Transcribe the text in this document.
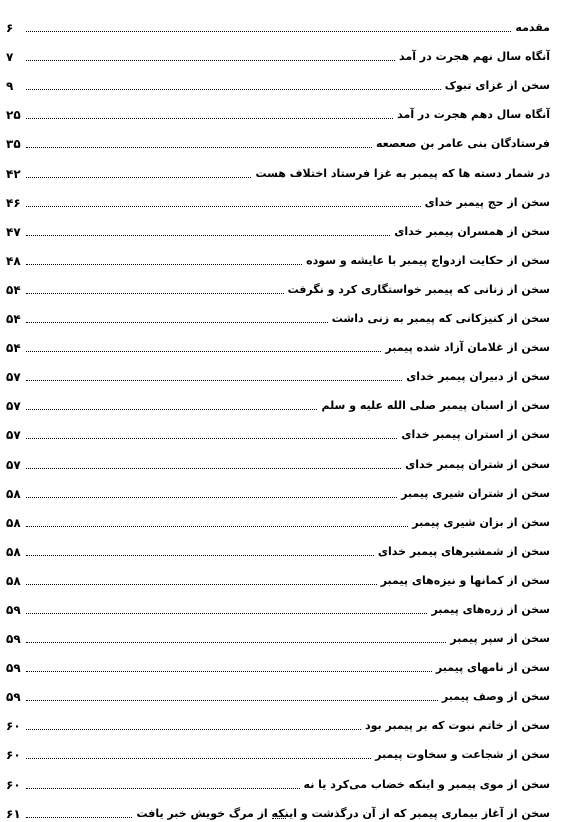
مقدمه
۶
آنگاه سال نهم هجرت در آمد
۷
سخن از غزای تبوک
۹
آنگاه سال دهم هجرت در آمد
۲۵
فرستادگان بنی عامر بن صعصعه
۳۵
در شمار دسته ها که پیمبر به غزا فرستاد اختلاف هست
۴۲
سخن از حج پیمبر خدای
۴۶
سخن از همسران پیمبر خدای
۴۷
سخن از حکایت ازدواج پیمبر با عایشه و سوده
۴۸
سخن از زنانی که پیمبر خواستگاری کرد و نگرفت
۵۴
سخن از کنیزکانی که پیمبر به زنی داشت
۵۴
سخن از غلامان آزاد شده پیمبر
۵۴
سخن از دبیران پیمبر خدای
۵۷
سخن از اسبان پیمبر صلی الله علیه و سلم
۵۷
سخن از استران پیمبر خدای
۵۷
سخن از شتران پیمبر خدای
۵۷
سخن از شتران شیری پیمبر
۵۸
سخن از بزان شیری پیمبر
۵۸
سخن از شمشیرهای پیمبر خدای
۵۸
سخن از کمانها و نیزه‌های پیمبر
۵۸
سخن از زره‌های پیمبر
۵۹
سخن از سپر پیمبر
۵۹
سخن از نامهای پیمبر
۵۹
سخن از وصف پیمبر
۵۹
سخن از خاتم نبوت که بر پیمبر بود
۶۰
سخن از شجاعت و سخاوت پیمبر
۶۰
سخن از موی پیمبر و اینکه خضاب می‌کرد یا نه
۶۰
سخن از آغاز بیماری پیمبر که از آن درگذشت و اینکه از مرگ خویش خبر یافت
۶۱
